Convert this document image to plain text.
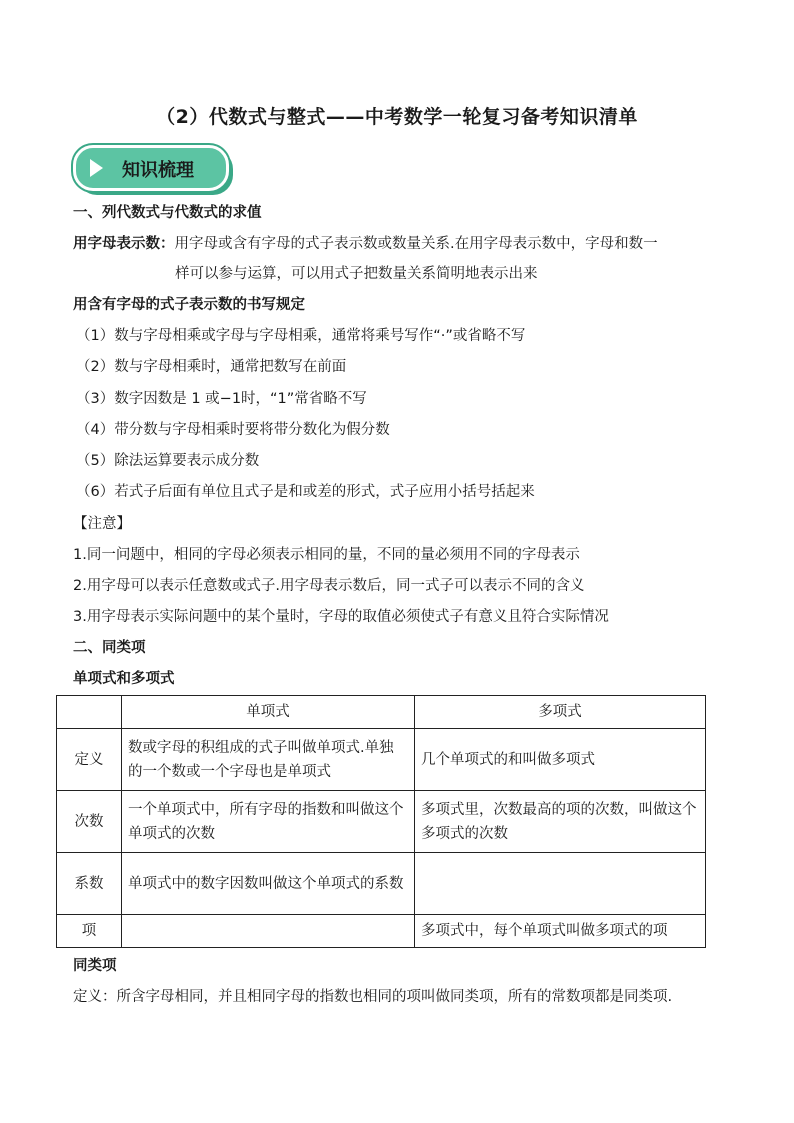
（2）代数式与整式——中考数学一轮复习备考知识清单
知识梳理
一、列代数式与代数式的求值
用字母表示数：用字母或含有字母的式子表示数或数量关系.在用字母表示数中，字母和数一
样可以参与运算，可以用式子把数量关系简明地表示出来
用含有字母的式子表示数的书写规定
（1）数与字母相乘或字母与字母相乘，通常将乘号写作“·”或省略不写
（2）数与字母相乘时，通常把数写在前面
（3）数字因数是 1 或−1时，“1”常省略不写
（4）带分数与字母相乘时要将带分数化为假分数
（5）除法运算要表示成分数
（6）若式子后面有单位且式子是和或差的形式，式子应用小括号括起来
【注意】
1.同一问题中，相同的字母必须表示相同的量，不同的量必须用不同的字母表示
2.用字母可以表示任意数或式子.用字母表示数后，同一式子可以表示不同的含义
3.用字母表示实际问题中的某个量时，字母的取值必须使式子有意义且符合实际情况
二、同类项
单项式和多项式
	单项式	多项式
定义	数或字母的积组成的式子叫做单项式.单独的一个数或一个字母也是单项式	几个单项式的和叫做多项式
次数	一个单项式中，所有字母的指数和叫做这个单项式的次数	多项式里，次数最高的项的次数，叫做这个多项式的次数
系数	单项式中的数字因数叫做这个单项式的系数	
项		多项式中，每个单项式叫做多项式的项
同类项
定义：所含字母相同，并且相同字母的指数也相同的项叫做同类项，所有的常数项都是同类项.
